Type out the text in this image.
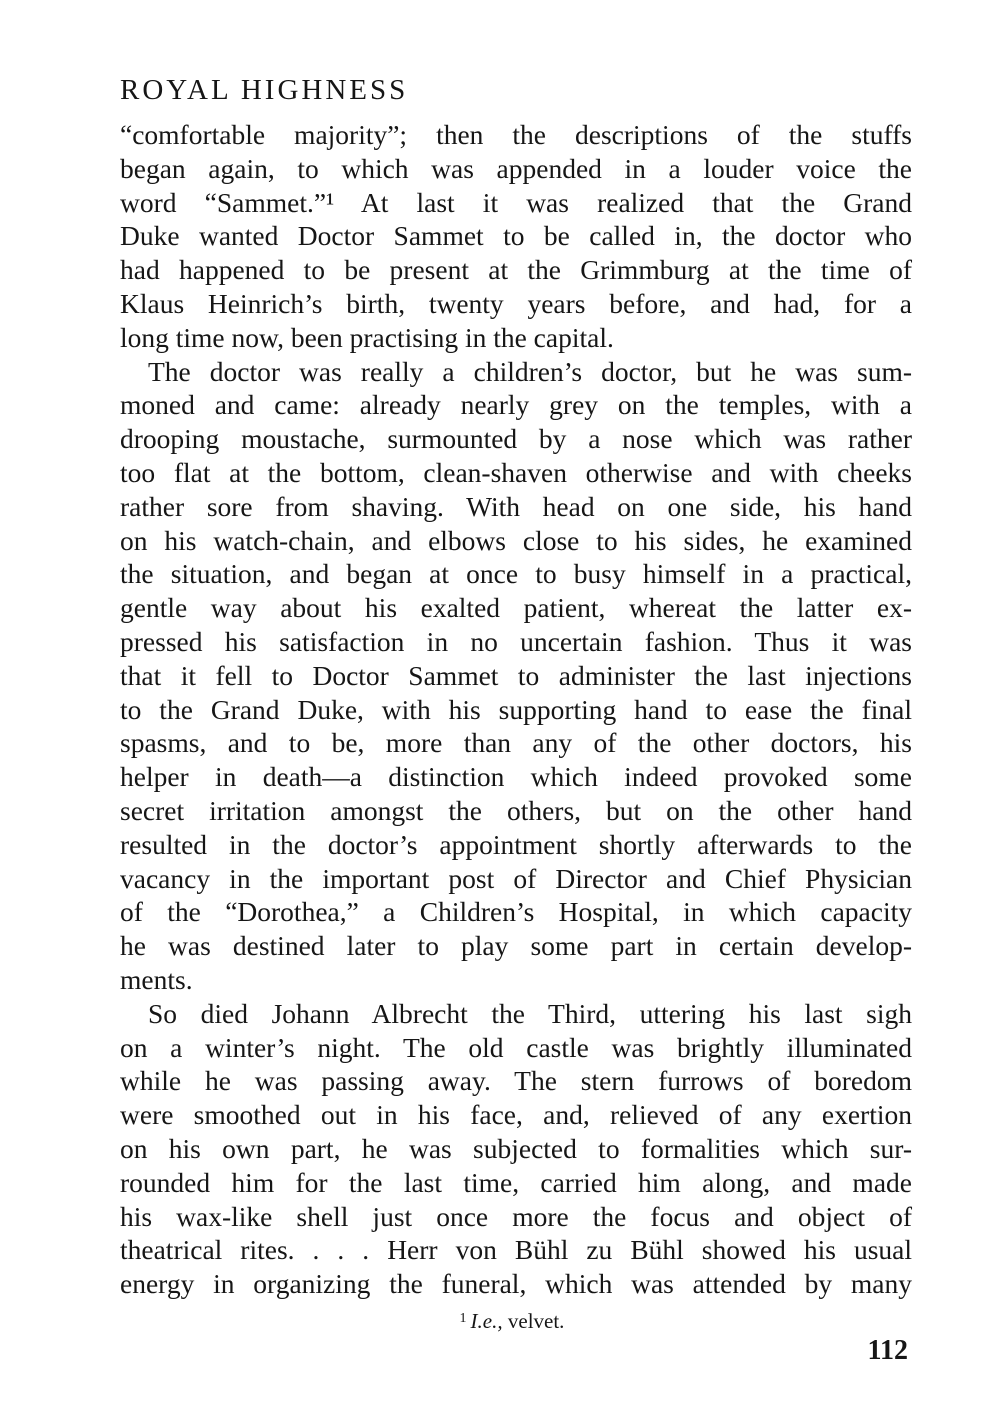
ROYAL HIGHNESS
“comfortable majority”; then the descriptions of the stuffs
began again, to which was appended in a louder voice the
word “Sammet.”¹ At last it was realized that the Grand
Duke wanted Doctor Sammet to be called in, the doctor who
had happened to be present at the Grimmburg at the time of
Klaus Heinrich’s birth, twenty years before, and had, for a
long time now, been practising in the capital.
The doctor was really a children’s doctor, but he was sum-
moned and came: already nearly grey on the temples, with a
drooping moustache, surmounted by a nose which was rather
too flat at the bottom, clean-shaven otherwise and with cheeks
rather sore from shaving. With head on one side, his hand
on his watch-chain, and elbows close to his sides, he examined
the situation, and began at once to busy himself in a practical,
gentle way about his exalted patient, whereat the latter ex-
pressed his satisfaction in no uncertain fashion. Thus it was
that it fell to Doctor Sammet to administer the last injections
to the Grand Duke, with his supporting hand to ease the final
spasms, and to be, more than any of the other doctors, his
helper in death—a distinction which indeed provoked some
secret irritation amongst the others, but on the other hand
resulted in the doctor’s appointment shortly afterwards to the
vacancy in the important post of Director and Chief Physician
of the “Dorothea,” a Children’s Hospital, in which capacity
he was destined later to play some part in certain develop-
ments.
So died Johann Albrecht the Third, uttering his last sigh
on a winter’s night. The old castle was brightly illuminated
while he was passing away. The stern furrows of boredom
were smoothed out in his face, and, relieved of any exertion
on his own part, he was subjected to formalities which sur-
rounded him for the last time, carried him along, and made
his wax-like shell just once more the focus and object of
theatrical rites. . . . Herr von Bühl zu Bühl showed his usual
energy in organizing the funeral, which was attended by many
$^1$ I.e., velvet.
112
